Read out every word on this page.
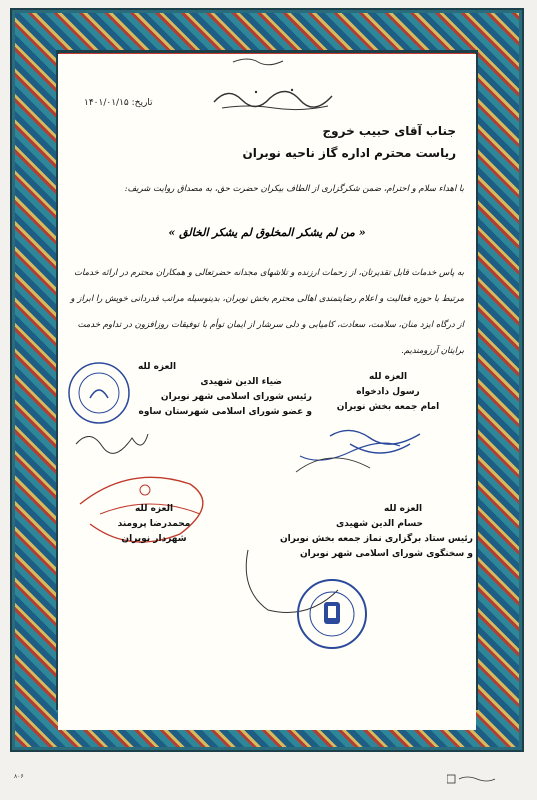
تاریخ: ۱۴۰۱/۰۱/۱۵
جناب آقای حبیب خروج
ریاست محترم اداره گاز ناحیه نوبران
با اهداء سلام و احترام، ضمن شکرگزاری از الطاف بیکران حضرت حق، به مصداق روایت شریف:
« من لم یشکر المخلوق لم یشکر الخالق »
به پاس خدمات قابل تقدیرتان، از زحمات ارزنده و تلاشهای مجدانه حضرتعالی و همکاران محترم در ارائه خدمات مرتبط با حوزه فعالیت و اعلام رضایتمندی اهالی محترم بخش نوبران، بدینوسیله مراتب قدردانی خویش را ابراز و از درگاه ایزد منان، سلامت، سعادت، کامیابی و دلی سرشار از ایمان توأم با توفیقات روزافزون در تداوم خدمت برایتان آرزومندیم.
العزه لله
ضیاء الدین شهیدی
رئیس شورای اسلامی شهر نوبران
و عضو شورای اسلامی شهرستان ساوه
العزه لله
رسول دادخواه
امام جمعه بخش نوبران
العزه لله
محمدرضا پرومند
شهردار نوبران
العزه لله
حسام الدین شهیدی
رئیس ستاد برگزاری نماز جمعه بخش نوبران
و سخنگوی شورای اسلامی شهر نوبران
۸۰۶
